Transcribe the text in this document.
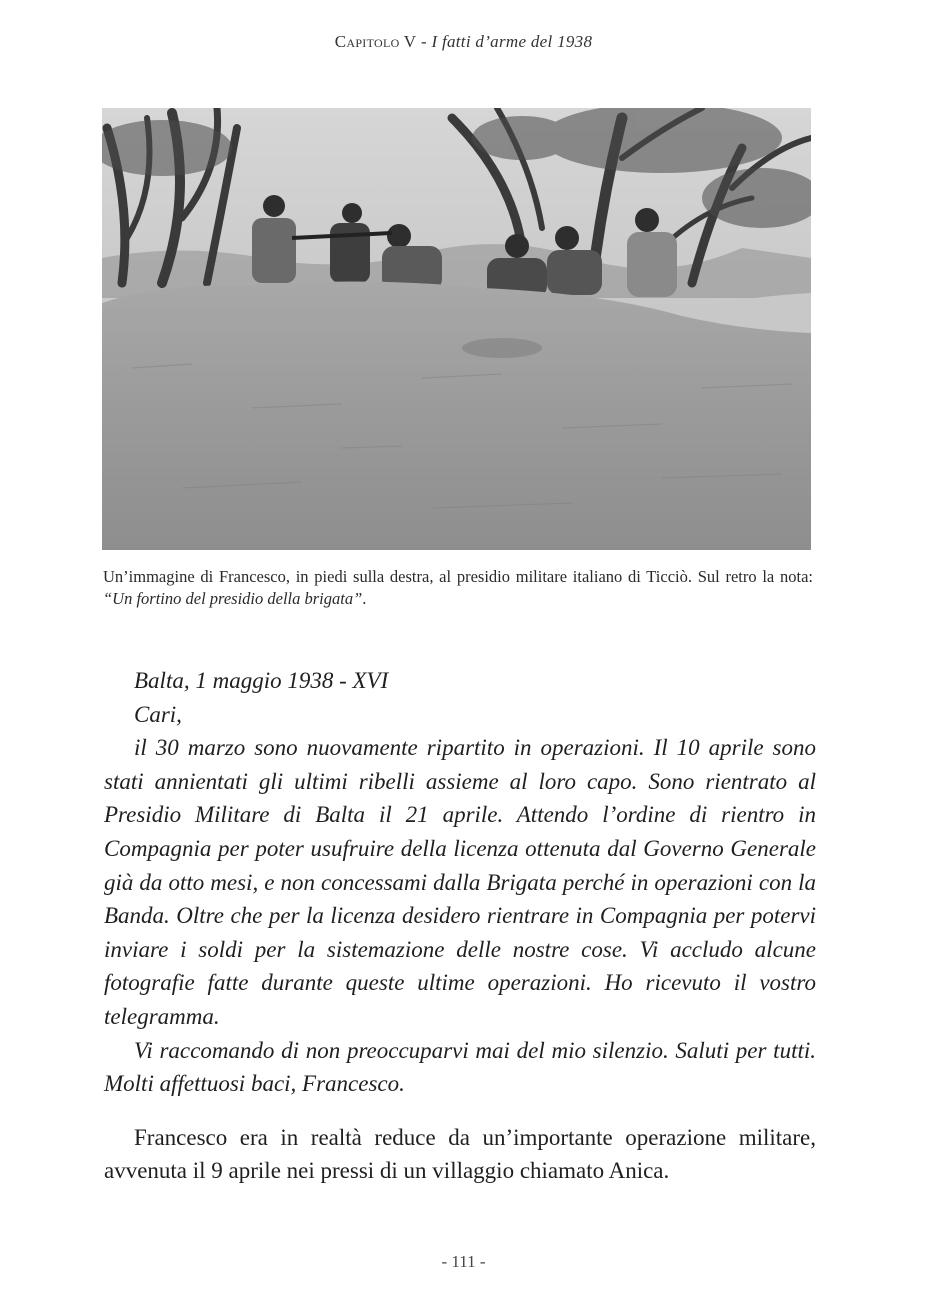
Capitolo V - I fatti d’arme del 1938
Un’immagine di Francesco, in piedi sulla destra, al presidio militare italiano di Ticciò. Sul retro la nota: “Un fortino del presidio della brigata”.

Balta, 1 maggio 1938 - XVI

Cari,

il 30 marzo sono nuovamente ripartito in operazioni. Il 10 aprile sono stati annientati gli ultimi ribelli assieme al loro capo. Sono rientrato al Presidio Militare di Balta il 21 aprile. Attendo l’ordine di rientro in Compagnia per poter usufruire della licenza ottenuta dal Governo Generale già da otto mesi, e non concessami dalla Brigata perché in operazioni con la Banda. Oltre che per la licenza desidero rientrare in Compagnia per potervi inviare i soldi per la sistemazione delle nostre cose. Vi accludo alcune fotografie fatte durante queste ultime operazioni. Ho ricevuto il vostro telegramma.

Vi raccomando di non preoccuparvi mai del mio silenzio. Saluti per tutti. Molti affettuosi baci, Francesco.

Francesco era in realtà reduce da un’importante operazione militare, avvenuta il 9 aprile nei pressi di un villaggio chiamato Anica.

- 111 -
